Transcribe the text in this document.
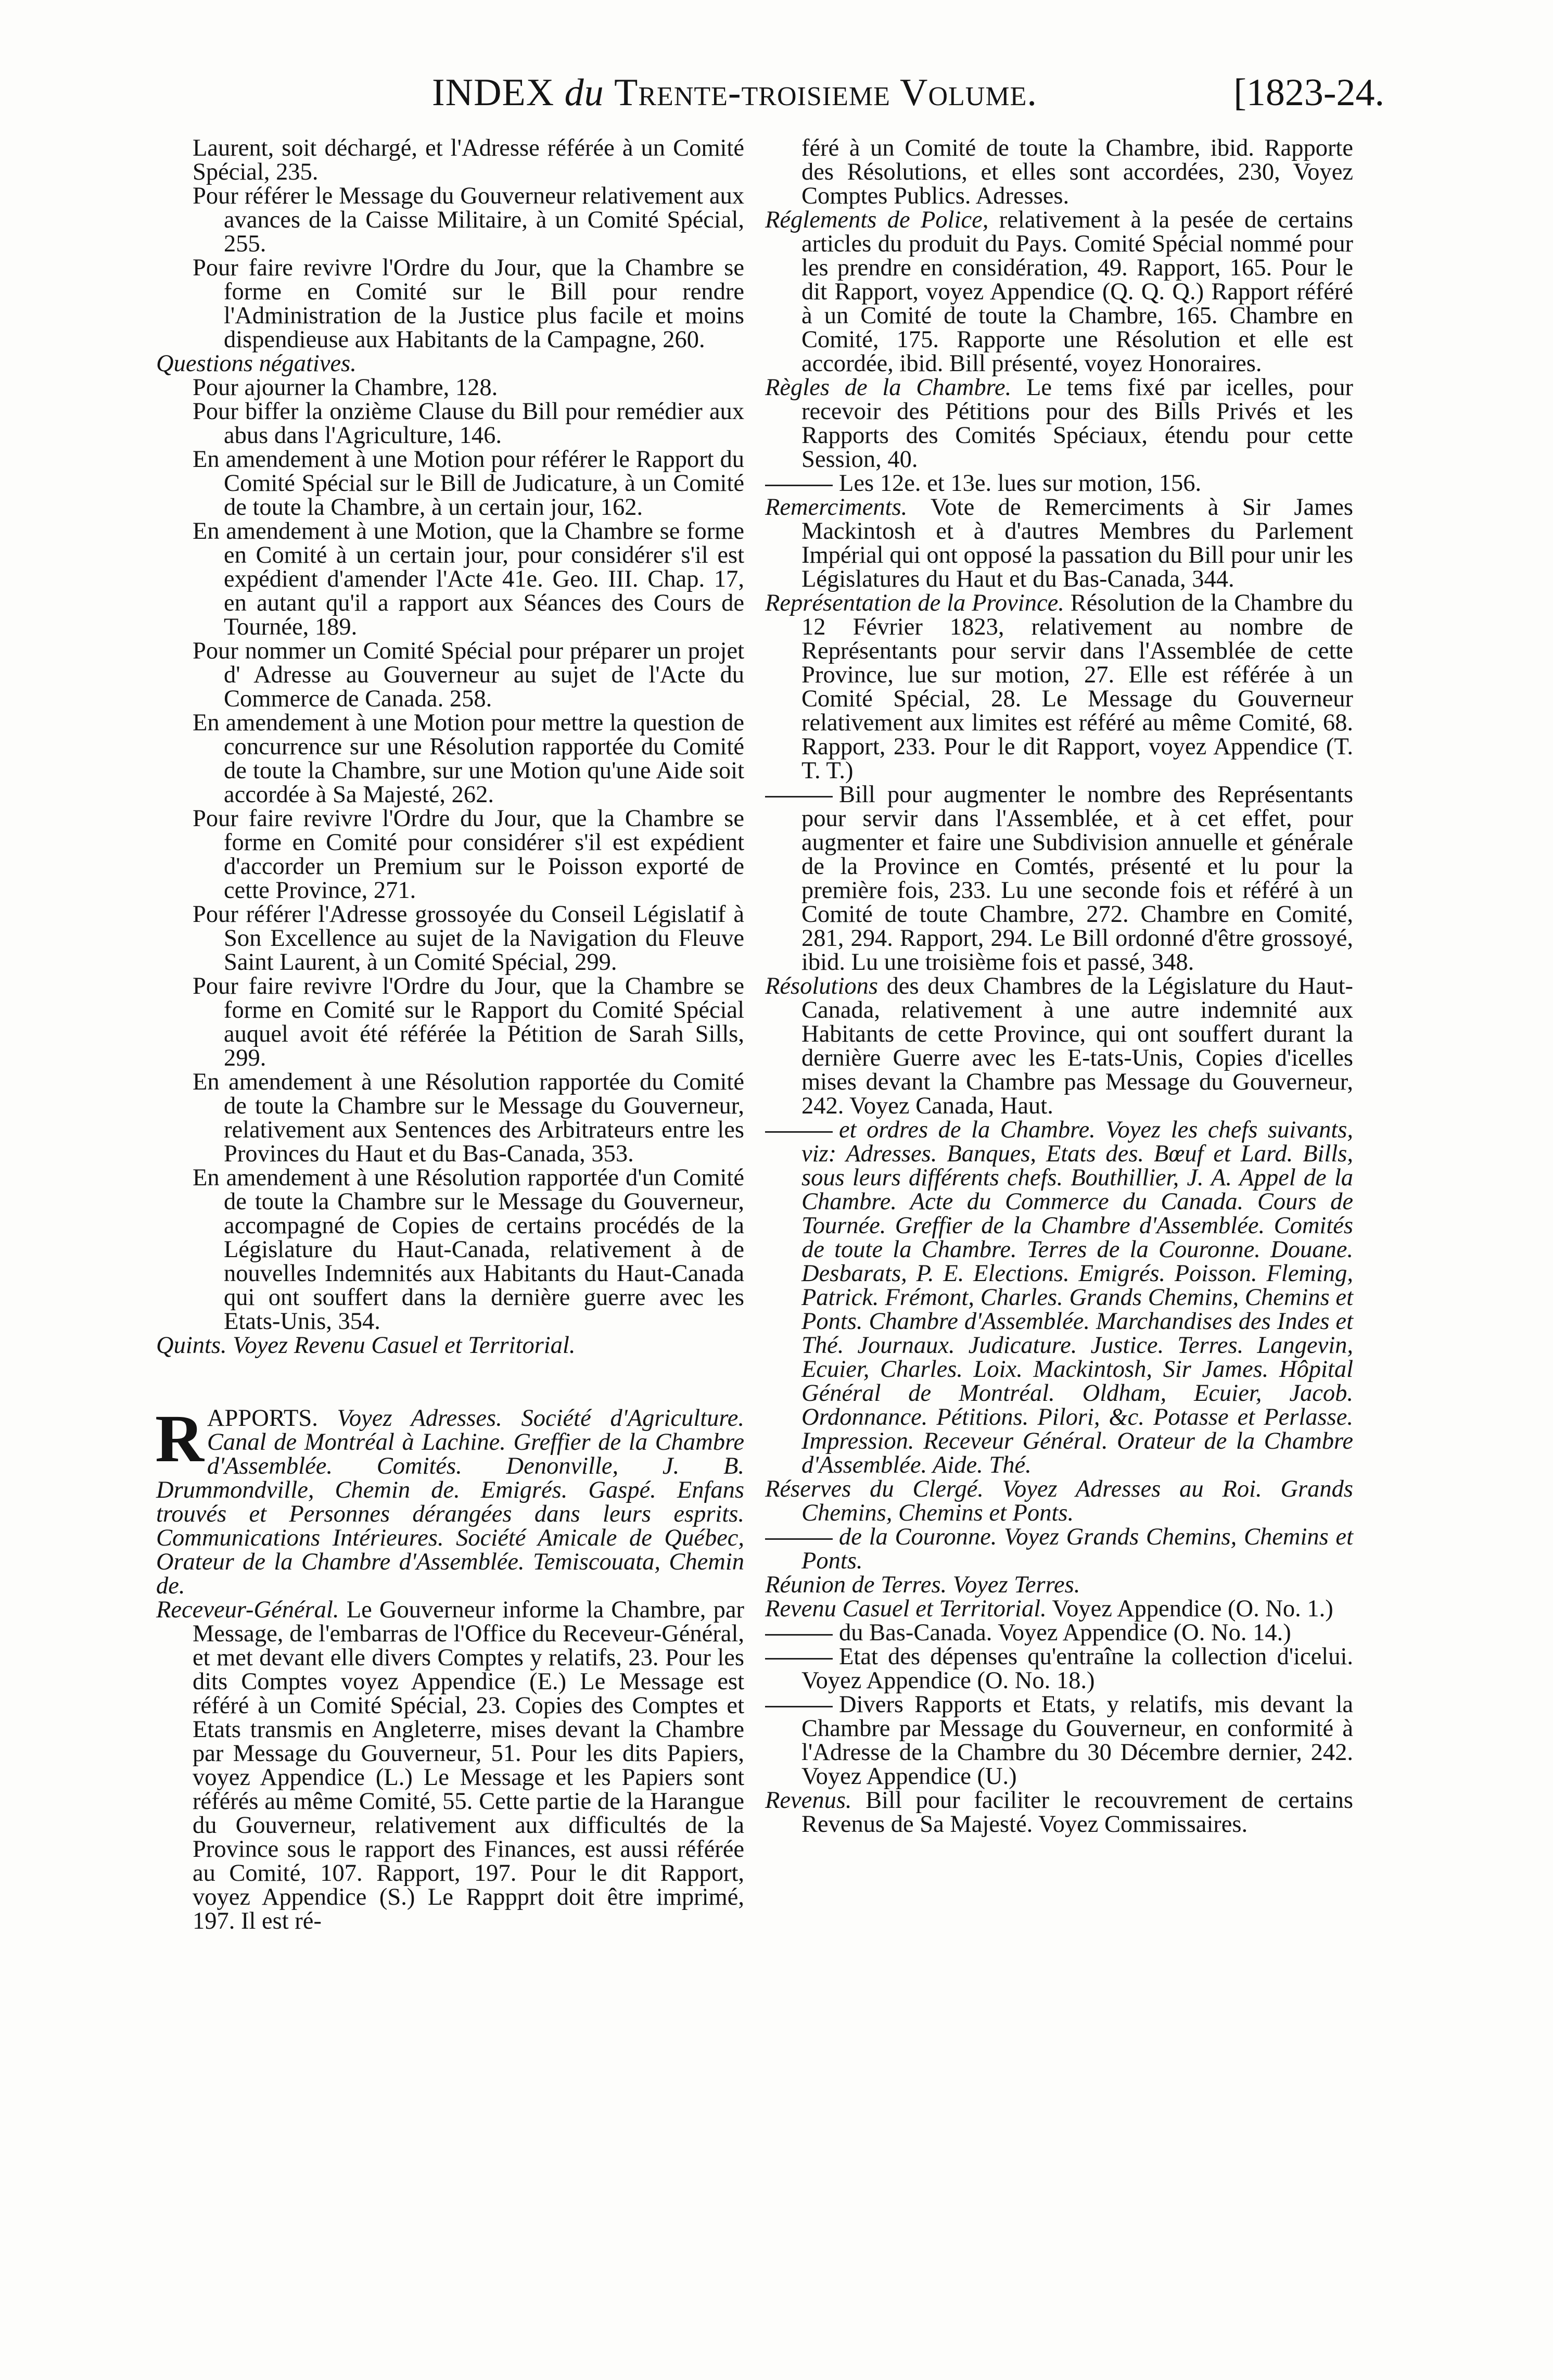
INDEX du Trente-troisieme Volume.	[1823-24.
Laurent, soit déchargé, et l'Adresse référée à un Comité Spécial, 235.
Pour référer le Message du Gouverneur relativement aux avances de la Caisse Militaire, à un Comité Spécial, 255.
Pour faire revivre l'Ordre du Jour, que la Chambre se forme en Comité sur le Bill pour rendre l'Administration de la Justice plus facile et moins dispendieuse aux Habitants de la Campagne, 260.
Questions négatives.
Pour ajourner la Chambre, 128.
Pour biffer la onzième Clause du Bill pour remédier aux abus dans l'Agriculture, 146.
En amendement à une Motion pour référer le Rapport du Comité Spécial sur le Bill de Judicature, à un Comité de toute la Chambre, à un certain jour, 162.
En amendement à une Motion, que la Chambre se forme en Comité à un certain jour, pour considérer s'il est expédient d'amender l'Acte 41e. Geo. III. Chap. 17, en autant qu'il a rapport aux Séances des Cours de Tournée, 189.
Pour nommer un Comité Spécial pour préparer un projet d' Adresse au Gouverneur au sujet de l'Acte du Commerce de Canada. 258.
En amendement à une Motion pour mettre la question de concurrence sur une Résolution rapportée du Comité de toute la Chambre, sur une Motion qu'une Aide soit accordée à Sa Majesté, 262.
Pour faire revivre l'Ordre du Jour, que la Chambre se forme en Comité pour considérer s'il est expédient d'accorder un Premium sur le Poisson exporté de cette Province, 271.
Pour référer l'Adresse grossoyée du Conseil Législatif à Son Excellence au sujet de la Navigation du Fleuve Saint Laurent, à un Comité Spécial, 299.
Pour faire revivre l'Ordre du Jour, que la Chambre se forme en Comité sur le Rapport du Comité Spécial auquel avoit été référée la Pétition de Sarah Sills, 299.
En amendement à une Résolution rapportée du Comité de toute la Chambre sur le Message du Gouverneur, relativement aux Sentences des Arbitrateurs entre les Provinces du Haut et du Bas-Canada, 353.
En amendement à une Résolution rapportée d'un Comité de toute la Chambre sur le Message du Gouverneur, accompagné de Copies de certains procédés de la Législature du Haut-Canada, relativement à de nouvelles Indemnités aux Habitants du Haut-Canada qui ont souffert dans la dernière guerre avec les Etats-Unis, 354.
Quints. Voyez Revenu Casuel et Territorial.
R APPORTS. Voyez Adresses. Société d'Agriculture. Canal de Montréal à Lachine. Greffier de la Chambre d'Assemblée. Comités. Denonville, J. B. Drummondville, Chemin de. Emigrés. Gaspé. Enfans trouvés et Personnes dérangées dans leurs esprits. Communications Intérieures. Société Amicale de Québec, Orateur de la Chambre d'Assemblée. Temiscouata, Chemin de.
Receveur-Général. Le Gouverneur informe la Chambre, par Message, de l'embarras de l'Office du Receveur-Général, et met devant elle divers Comptes y relatifs, 23. Pour les dits Comptes voyez Appendice (E.) Le Message est référé à un Comité Spécial, 23. Copies des Comptes et Etats transmis en Angleterre, mises devant la Chambre par Message du Gouverneur, 51. Pour les dits Papiers, voyez Appendice (L.) Le Message et les Papiers sont référés au même Comité, 55. Cette partie de la Harangue du Gouverneur, relativement aux difficultés de la Province sous le rapport des Finances, est aussi référée au Comité, 107. Rapport, 197. Pour le dit Rapport, voyez Appendice (S.) Le Rappprt doit être imprimé, 197. Il est ré-
féré à un Comité de toute la Chambre, ibid. Rapporte des Résolutions, et elles sont accordées, 230, Voyez Comptes Publics. Adresses.
Réglements de Police, relativement à la pesée de certains articles du produit du Pays. Comité Spécial nommé pour les prendre en considération, 49. Rapport, 165. Pour le dit Rapport, voyez Appendice (Q. Q. Q.) Rapport référé à un Comité de toute la Chambre, 165. Chambre en Comité, 175. Rapporte une Résolution et elle est accordée, ibid. Bill présenté, voyez Honoraires.
Règles de la Chambre. Le tems fixé par icelles, pour recevoir des Pétitions pour des Bills Privés et les Rapports des Comités Spéciaux, étendu pour cette Session, 40.
Les 12e. et 13e. lues sur motion, 156.
Remerciments. Vote de Remerciments à Sir James Mackintosh et à d'autres Membres du Parlement Impérial qui ont opposé la passation du Bill pour unir les Législatures du Haut et du Bas-Canada, 344.
Représentation de la Province. Résolution de la Chambre du 12 Février 1823, relativement au nombre de Représentants pour servir dans l'Assemblée de cette Province, lue sur motion, 27. Elle est référée à un Comité Spécial, 28. Le Message du Gouverneur relativement aux limites est référé au même Comité, 68. Rapport, 233. Pour le dit Rapport, voyez Appendice (T. T. T.)
Bill pour augmenter le nombre des Représentants pour servir dans l'Assemblée, et à cet effet, pour augmenter et faire une Subdivision annuelle et générale de la Province en Comtés, présenté et lu pour la première fois, 233. Lu une seconde fois et référé à un Comité de toute Chambre, 272. Chambre en Comité, 281, 294. Rapport, 294. Le Bill ordonné d'être grossoyé, ibid. Lu une troisième fois et passé, 348.
Résolutions des deux Chambres de la Législature du Haut-Canada, relativement à une autre indemnité aux Habitants de cette Province, qui ont souffert durant la dernière Guerre avec les E-tats-Unis, Copies d'icelles mises devant la Chambre pas Message du Gouverneur, 242. Voyez Canada, Haut.
et ordres de la Chambre. Voyez les chefs suivants, viz: Adresses. Banques, Etats des. Bœuf et Lard. Bills, sous leurs différents chefs. Bouthillier, J. A. Appel de la Chambre. Acte du Commerce du Canada. Cours de Tournée. Greffier de la Chambre d'Assemblée. Comités de toute la Chambre. Terres de la Couronne. Douane. Desbarats, P. E. Elections. Emigrés. Poisson. Fleming, Patrick. Frémont, Charles. Grands Chemins, Chemins et Ponts. Chambre d'Assemblée. Marchandises des Indes et Thé. Journaux. Judicature. Justice. Terres. Langevin, Ecuier, Charles. Loix. Mackintosh, Sir James. Hôpital Général de Montréal. Oldham, Ecuier, Jacob. Ordonnance. Pétitions. Pilori, &c. Potasse et Perlasse. Impression. Receveur Général. Orateur de la Chambre d'Assemblée. Aide. Thé.
Réserves du Clergé. Voyez Adresses au Roi. Grands Chemins, Chemins et Ponts.
de la Couronne. Voyez Grands Chemins, Chemins et Ponts.
Réunion de Terres. Voyez Terres.
Revenu Casuel et Territorial. Voyez Appendice (O. No. 1.)
du Bas-Canada. Voyez Appendice (O. No. 14.)
Etat des dépenses qu'entraîne la collection d'icelui. Voyez Appendice (O. No. 18.)
Divers Rapports et Etats, y relatifs, mis devant la Chambre par Message du Gouverneur, en conformité à l'Adresse de la Chambre du 30 Décembre dernier, 242. Voyez Appendice (U.)
Revenus. Bill pour faciliter le recouvrement de certains Revenus de Sa Majesté. Voyez Commissaires.
